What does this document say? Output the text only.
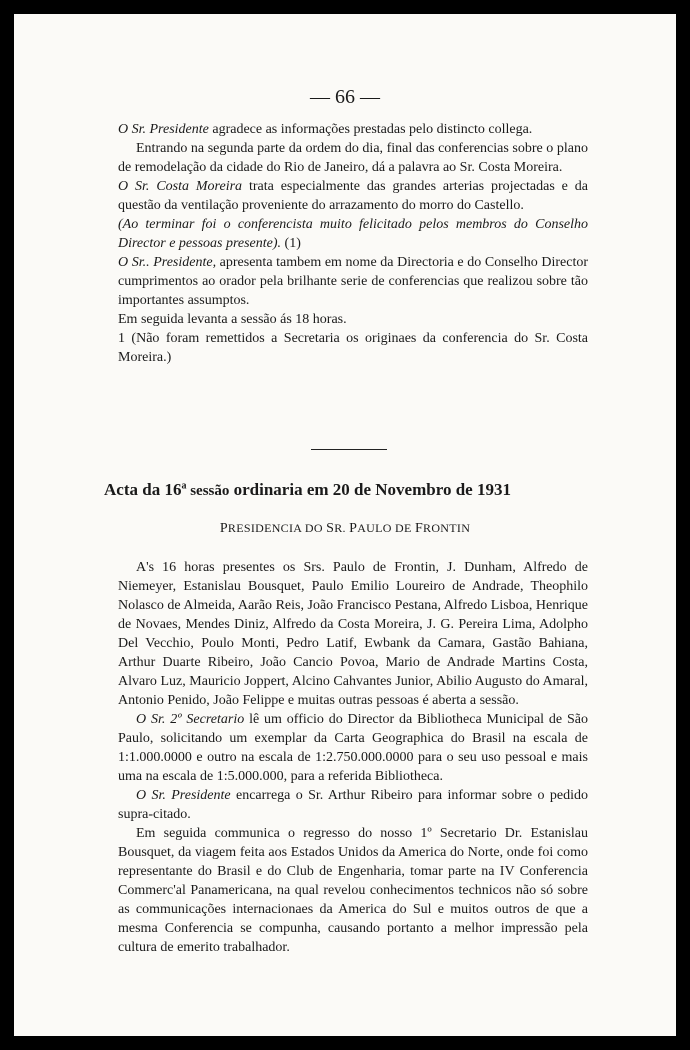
— 66 —

O Sr. Presidente agradece as informações prestadas pelo distincto collega.

Entrando na segunda parte da ordem do dia, final das conferencias sobre o plano de remodelação da cidade do Rio de Janeiro, dá a palavra ao Sr. Costa Moreira.

O Sr. Costa Moreira trata especialmente das grandes arterias projectadas e da questão da ventilação proveniente do arrazamento do morro do Castello.

(Ao terminar foi o conferencista muito felicitado pelos membros do Conselho Director e pessoas presente). (1)

O Sr.. Presidente, apresenta tambem em nome da Directoria e do Conselho Director cumprimentos ao orador pela brilhante serie de conferencias que realizou sobre tão importantes assumptos.

Em seguida levanta a sessão ás 18 horas.

1 (Não foram remettidos a Secretaria os originaes da conferencia do Sr. Costa Moreira.)

Acta da 16$^a$ sessão ordinaria em 20 de Novembro de 1931
PRESIDENCIA DO SR. PAULO DE FRONTIN

A's 16 horas presentes os Srs. Paulo de Frontin, J. Dunham, Alfredo de Niemeyer, Estanislau Bousquet, Paulo Emilio Loureiro de Andrade, Theophilo Nolasco de Almeida, Aarão Reis, João Francisco Pestana, Alfredo Lisboa, Henrique de Novaes, Mendes Diniz, Alfredo da Costa Moreira, J. G. Pereira Lima, Adolpho Del Vecchio, Poulo Monti, Pedro Latif, Ewbank da Camara, Gastão Bahiana, Arthur Duarte Ribeiro, João Cancio Povoa, Mario de Andrade Martins Costa, Alvaro Luz, Mauricio Joppert, Alcino Cahvantes Junior, Abilio Augusto do Amaral, Antonio Penido, João Felippe e muitas outras pessoas é aberta a sessão.

O Sr. 2º Secretario lê um officio do Director da Bibliotheca Municipal de São Paulo, solicitando um exemplar da Carta Geographica do Brasil na escala de 1:1.000.0000 e outro na escala de 1:2.750.000.0000 para o seu uso pessoal e mais uma na escala de 1:5.000.000, para a referida Bibliotheca.

O Sr. Presidente encarrega o Sr. Arthur Ribeiro para informar sobre o pedido supra-citado.

Em seguida communica o regresso do nosso 1º Secretario Dr. Estanislau Bousquet, da viagem feita aos Estados Unidos da America do Norte, onde foi como representante do Brasil e do Club de Engenharia, tomar parte na IV Conferencia Commerc'al Panamericana, na qual revelou conhecimentos technicos não só sobre as communicações internacionaes da America do Sul e muitos outros de que a mesma Conferencia se compunha, causando portanto a melhor impressão pela cultura de emerito trabalhador.
